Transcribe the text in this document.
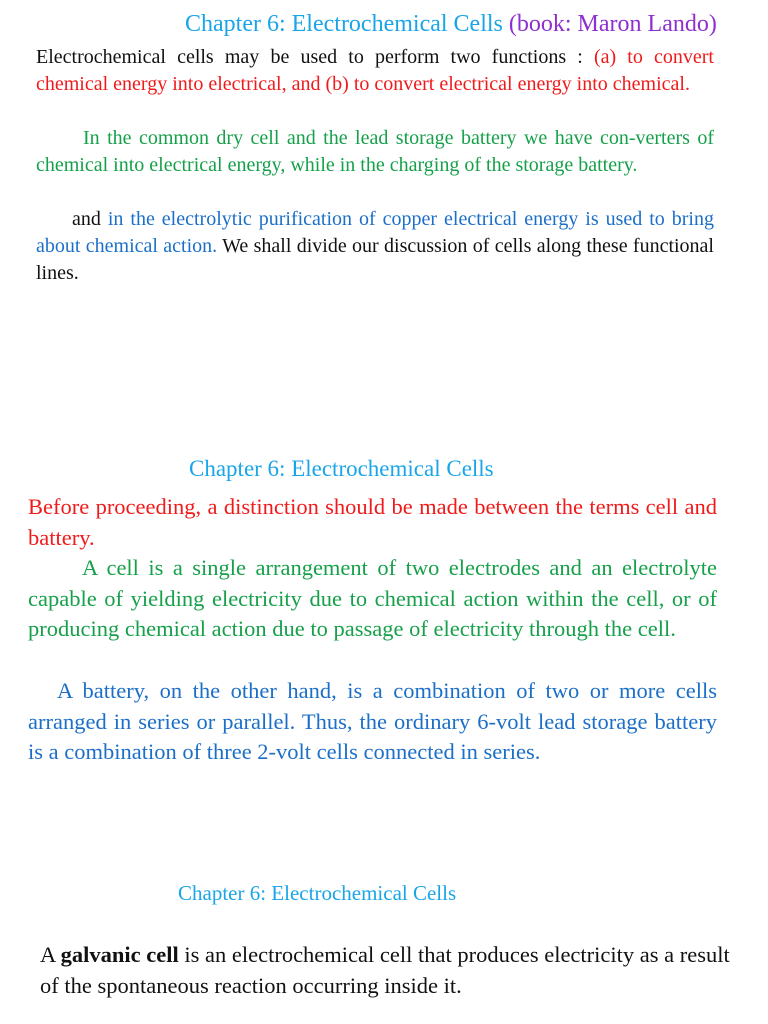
Chapter 6: Electrochemical Cells (book: Maron Lando)

Electrochemical cells may be used to perform two functions : (a) to convert chemical energy into electrical, and (b) to convert electrical energy into chemical.

In the common dry cell and the lead storage battery we have con-verters of chemical into electrical energy, while in the charging of the storage battery.

and in the electrolytic purification of copper electrical energy is used to bring about chemical action. We shall divide our discussion of cells along these functional lines.

Chapter 6: Electrochemical Cells

Before proceeding, a distinction should be made between the terms cell and battery.

A cell is a single arrangement of two electrodes and an electrolyte capable of yielding electricity due to chemical action within the cell, or of producing chemical action due to passage of electricity through the cell.

A battery, on the other hand, is a combination of two or more cells arranged in series or parallel. Thus, the ordinary 6-volt lead storage battery is a combination of three 2-volt cells connected in series.

Chapter 6: Electrochemical Cells

A galvanic cell is an electrochemical cell that produces electricity as a result of the spontaneous reaction occurring inside it.
